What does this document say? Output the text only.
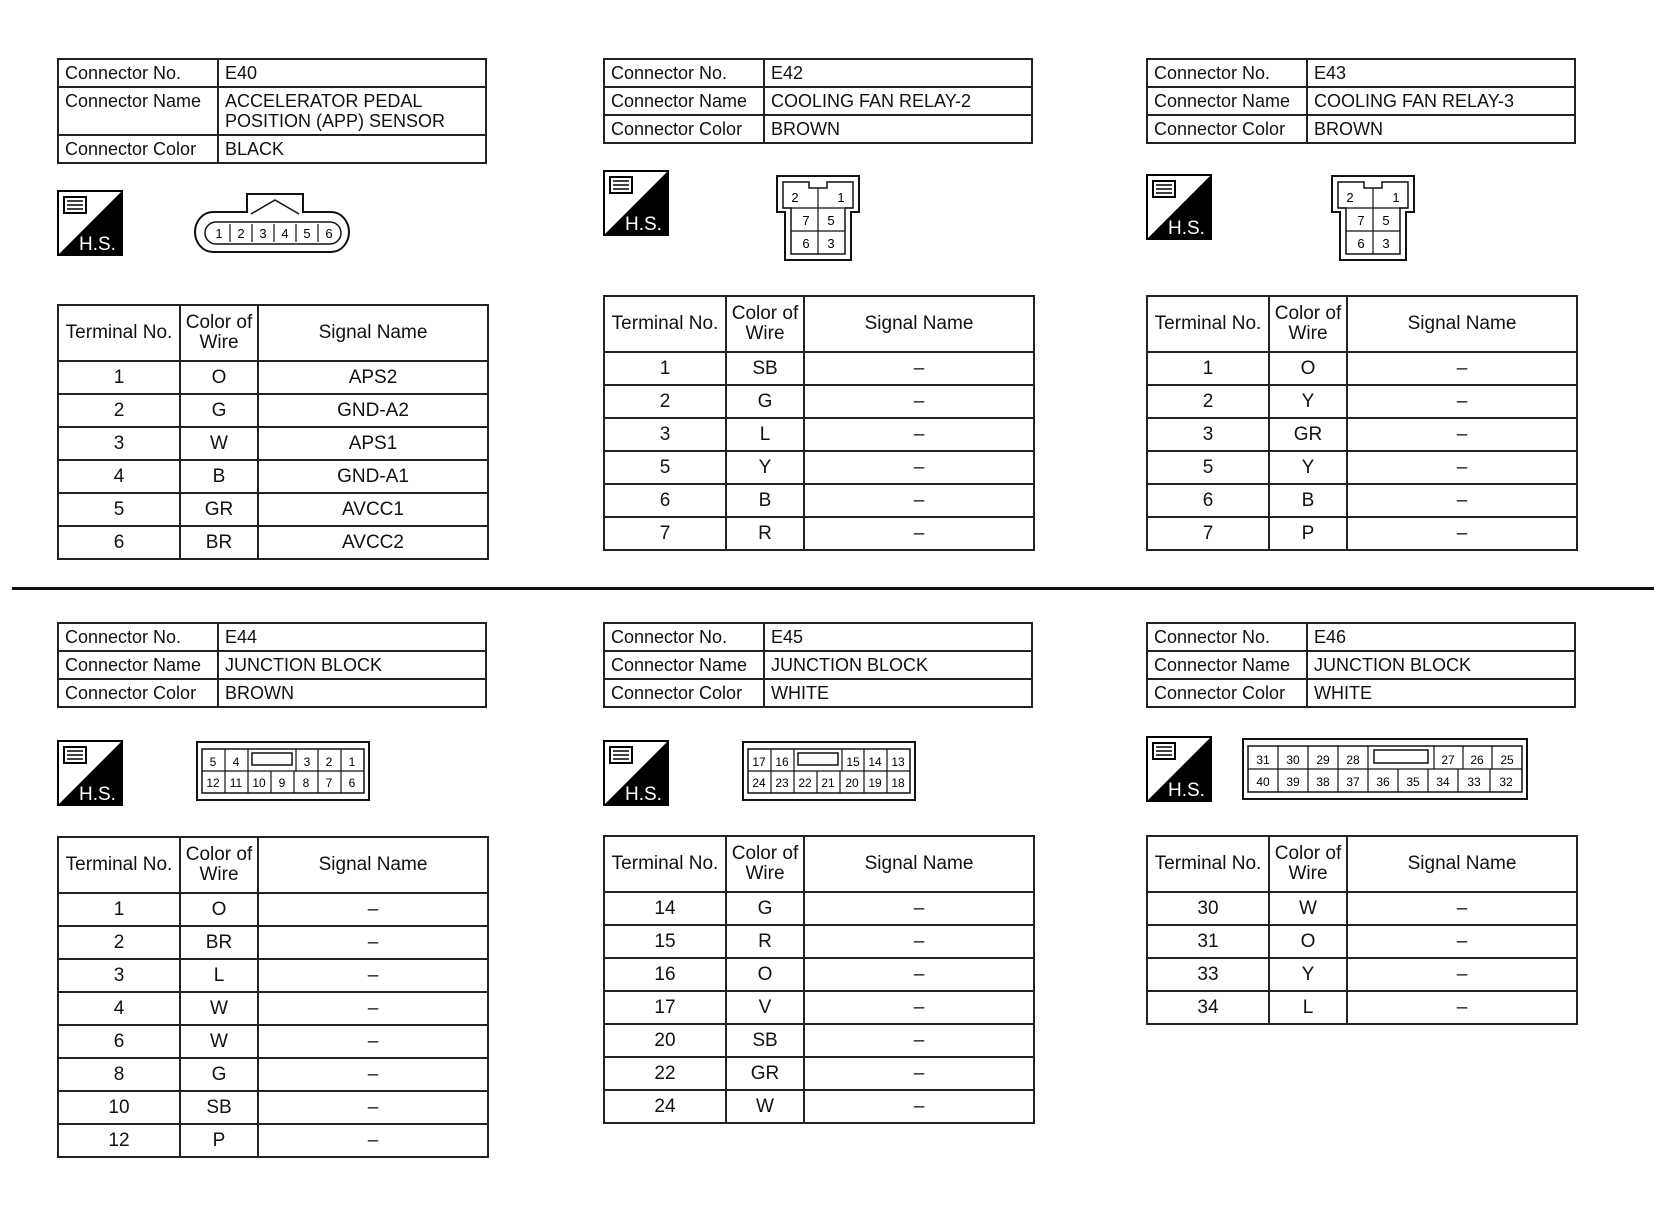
Connector No.	E40
Connector Name	ACCELERATOR PEDAL
POSITION (APP) SENSOR

Connector Color	BLACK
H.S.
1 2 3 4 5 6
Terminal No.	Color of
Wire	Signal Name
1	O	APS2
2	G	GND-A2
3	W	APS1
4	B	GND-A1
5	GR	AVCC1
6	BR	AVCC2
Connector No.	E42
Connector Name	COOLING FAN RELAY-2
Connector Color	BROWN
H.S.
2	1
7 5
6 3
Terminal No.	Color of
Wire	Signal Name
1	SB	–
2	G	–
3	L	–
5	Y	–
6	B	–
7	R	–
Connector No.	E43
Connector Name	COOLING FAN RELAY-3
Connector Color	BROWN
H.S.
2	1
7 5
6 3
Terminal No.	Color of
Wire	Signal Name
1	O	–
2	Y	–
3	GR	–
5	Y	–
6	B	–
7	P	–
Connector No.	E44
Connector Name	JUNCTION BLOCK
Connector Color	BROWN
H.S.
5 4	3 2 1
12 11 10 9 8 7 6
Terminal No.	Color of
Wire	Signal Name
1	O	–
2	BR	–
3	L	–
4	W	–
6	W	–
8	G	–
10	SB	–
12	P	–
Connector No.	E45
Connector Name	JUNCTION BLOCK
Connector Color	WHITE
H.S.
17 16	15 14 13
24 23 22 21 20 19 18
Terminal No.	Color of
Wire	Signal Name
14	G	–
15	R	–
16	O	–
17	V	–
20	SB	–
22	GR	–
24	W	–
Connector No.	E46
Connector Name	JUNCTION BLOCK
Connector Color	WHITE
H.S.
31 30 29 28	27 26 25
40 39 38 37 36 35 34 33 32
Terminal No.	Color of
Wire	Signal Name
30	W	–
31	O	–
33	Y	–
34	L	–
